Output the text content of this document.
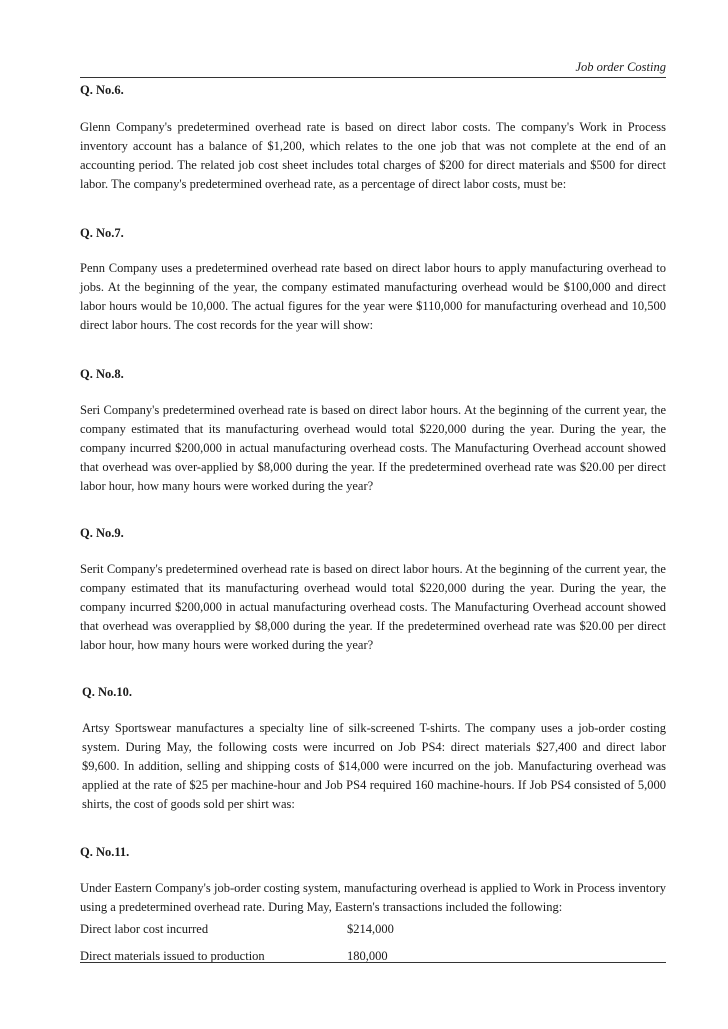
Job order Costing

Q. No.6.

Glenn Company's predetermined overhead rate is based on direct labor costs. The company's Work in Process inventory account has a balance of $1,200, which relates to the one job that was not complete at the end of an accounting period. The related job cost sheet includes total charges of $200 for direct materials and $500 for direct labor. The company's predetermined overhead rate, as a percentage of direct labor costs, must be:

Q. No.7.

Penn Company uses a predetermined overhead rate based on direct labor hours to apply manufacturing overhead to jobs. At the beginning of the year, the company estimated manufacturing overhead would be $100,000 and direct labor hours would be 10,000. The actual figures for the year were $110,000 for manufacturing overhead and 10,500 direct labor hours. The cost records for the year will show:

Q. No.8.

Seri Company's predetermined overhead rate is based on direct labor hours. At the beginning of the current year, the company estimated that its manufacturing overhead would total $220,000 during the year. During the year, the company incurred $200,000 in actual manufacturing overhead costs. The Manufacturing Overhead account showed that overhead was over-applied by $8,000 during the year. If the predetermined overhead rate was $20.00 per direct labor hour, how many hours were worked during the year?

Q. No.9.

Serit Company's predetermined overhead rate is based on direct labor hours. At the beginning of the current year, the company estimated that its manufacturing overhead would total $220,000 during the year. During the year, the company incurred $200,000 in actual manufacturing overhead costs. The Manufacturing Overhead account showed that overhead was overapplied by $8,000 during the year. If the predetermined overhead rate was $20.00 per direct labor hour, how many hours were worked during the year?

Q. No.10.

Artsy Sportswear manufactures a specialty line of silk-screened T-shirts. The company uses a job-order costing system. During May, the following costs were incurred on Job PS4: direct materials $27,400 and direct labor $9,600. In addition, selling and shipping costs of $14,000 were incurred on the job. Manufacturing overhead was applied at the rate of $25 per machine-hour and Job PS4 required 160 machine-hours. If Job PS4 consisted of 5,000 shirts, the cost of goods sold per shirt was:

Q. No.11.

Under Eastern Company's job-order costing system, manufacturing overhead is applied to Work in Process inventory using a predetermined overhead rate. During May, Eastern's transactions included the following:

Direct labor cost incurred	$214,000
Direct materials issued to production	180,000
